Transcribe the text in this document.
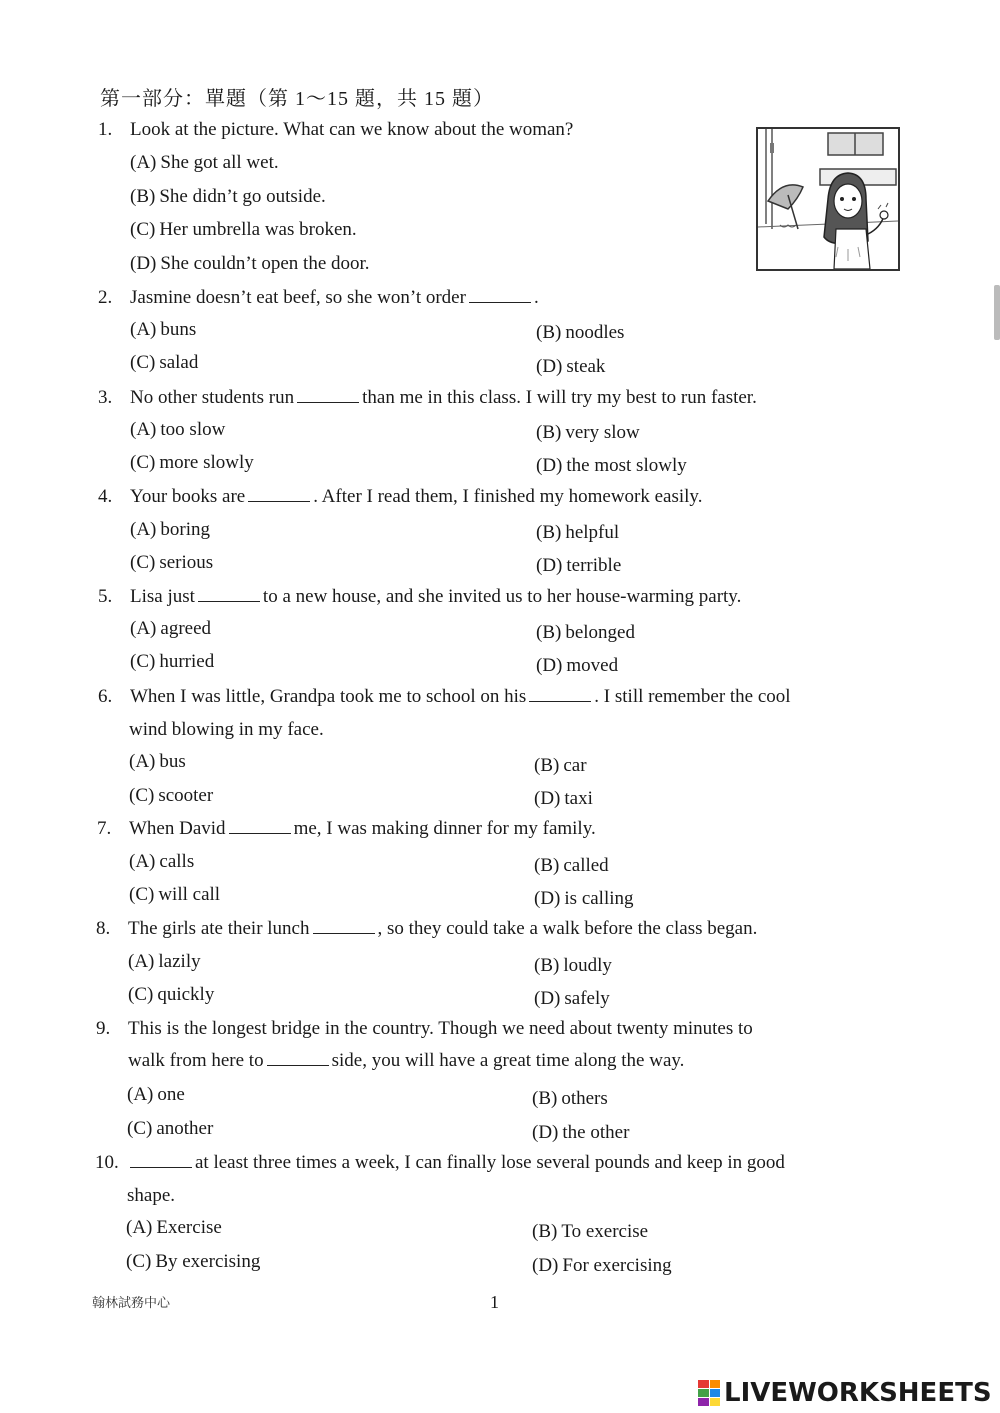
第一部分：單題（第 1～15 題，共 15 題）
1. Look at the picture. What can we know about the woman?
(A) She got all wet.
(B) She didn’t go outside.
(C) Her umbrella was broken.
(D) She couldn’t open the door.
2. Jasmine doesn’t eat beef, so she won’t order	.
(A) buns	(B) noodles
(C) salad	(D) steak
3. No other students run	than me in this class. I will try my best to run faster.
(A) too slow	(B) very slow
(C) more slowly	(D) the most slowly
4. Your books are	. After I read them, I finished my homework easily.
(A) boring	(B) helpful
(C) serious	(D) terrible
5. Lisa just	to a new house, and she invited us to her house-warming party.
(A) agreed	(B) belonged
(C) hurried	(D) moved
6. When I was little, Grandpa took me to school on his	. I still remember the cool
wind blowing in my face.
(A) bus	(B) car
(C) scooter	(D) taxi
7. When David	me, I was making dinner for my family.
(A) calls	(B) called
(C) will call	(D) is calling
8. The girls ate their lunch	, so they could take a walk before the class began.
(A) lazily	(B) loudly
(C) quickly	(D) safely
9. This is the longest bridge in the country. Though we need about twenty minutes to
walk from here to	side, you will have a great time along the way.
(A) one	(B) others
(C) another	(D) the other
10.	at least three times a week, I can finally lose several pounds and keep in good
shape.
(A) Exercise	(B) To exercise
(C) By exercising	(D) For exercising
翰林試務中心	1
LIVEWORKSHEETS
